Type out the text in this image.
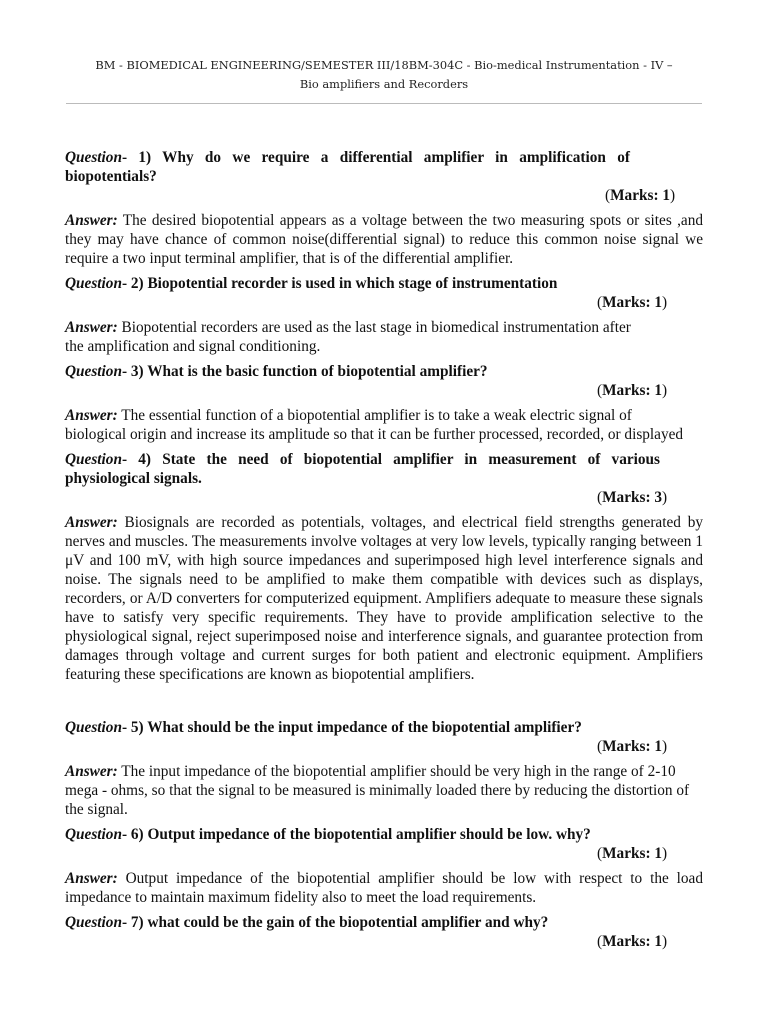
BM - BIOMEDICAL ENGINEERING/SEMESTER III/18BM-304C - Bio-medical Instrumentation - IV –
Bio amplifiers and Recorders

Question- 1) Why do we require a differential amplifier in amplification of biopotentials?

(Marks: 1)

Answer: The desired biopotential appears as a voltage between the two measuring spots or sites ,and they may have chance of common noise(differential signal) to reduce this common noise signal we require a two input terminal amplifier, that is of the differential amplifier.

Question- 2) Biopotential recorder is used in which stage of instrumentation

(Marks: 1)

Answer: Biopotential recorders are used as the last stage in biomedical instrumentation after the amplification and signal conditioning.

Question- 3) What is the basic function of biopotential amplifier?

(Marks: 1)

Answer: The essential function of a biopotential amplifier is to take a weak electric signal of biological origin and increase its amplitude so that it can be further processed, recorded, or displayed

Question- 4) State the need of biopotential amplifier in measurement of various physiological signals.

(Marks: 3)

Answer: Biosignals are recorded as potentials, voltages, and electrical field strengths generated by nerves and muscles. The measurements involve voltages at very low levels, typically ranging between 1 μV and 100 mV, with high source impedances and superimposed high level interference signals and noise. The signals need to be amplified to make them compatible with devices such as displays, recorders, or A/D converters for computerized equipment. Amplifiers adequate to measure these signals have to satisfy very specific requirements. They have to provide amplification selective to the physiological signal, reject superimposed noise and interference signals, and guarantee protection from damages through voltage and current surges for both patient and electronic equipment. Amplifiers featuring these specifications are known as biopotential amplifiers.

Question- 5) What should be the input impedance of the biopotential amplifier?

(Marks: 1)

Answer: The input impedance of the biopotential amplifier should be very high in the range of 2-10 mega - ohms, so that the signal to be measured is minimally loaded there by reducing the distortion of the signal.

Question- 6) Output impedance of the biopotential amplifier should be low. why?

(Marks: 1)

Answer: Output impedance of the biopotential amplifier should be low with respect to the load impedance to maintain maximum fidelity also to meet the load requirements.

Question- 7) what could be the gain of the biopotential amplifier and why?

(Marks: 1)
